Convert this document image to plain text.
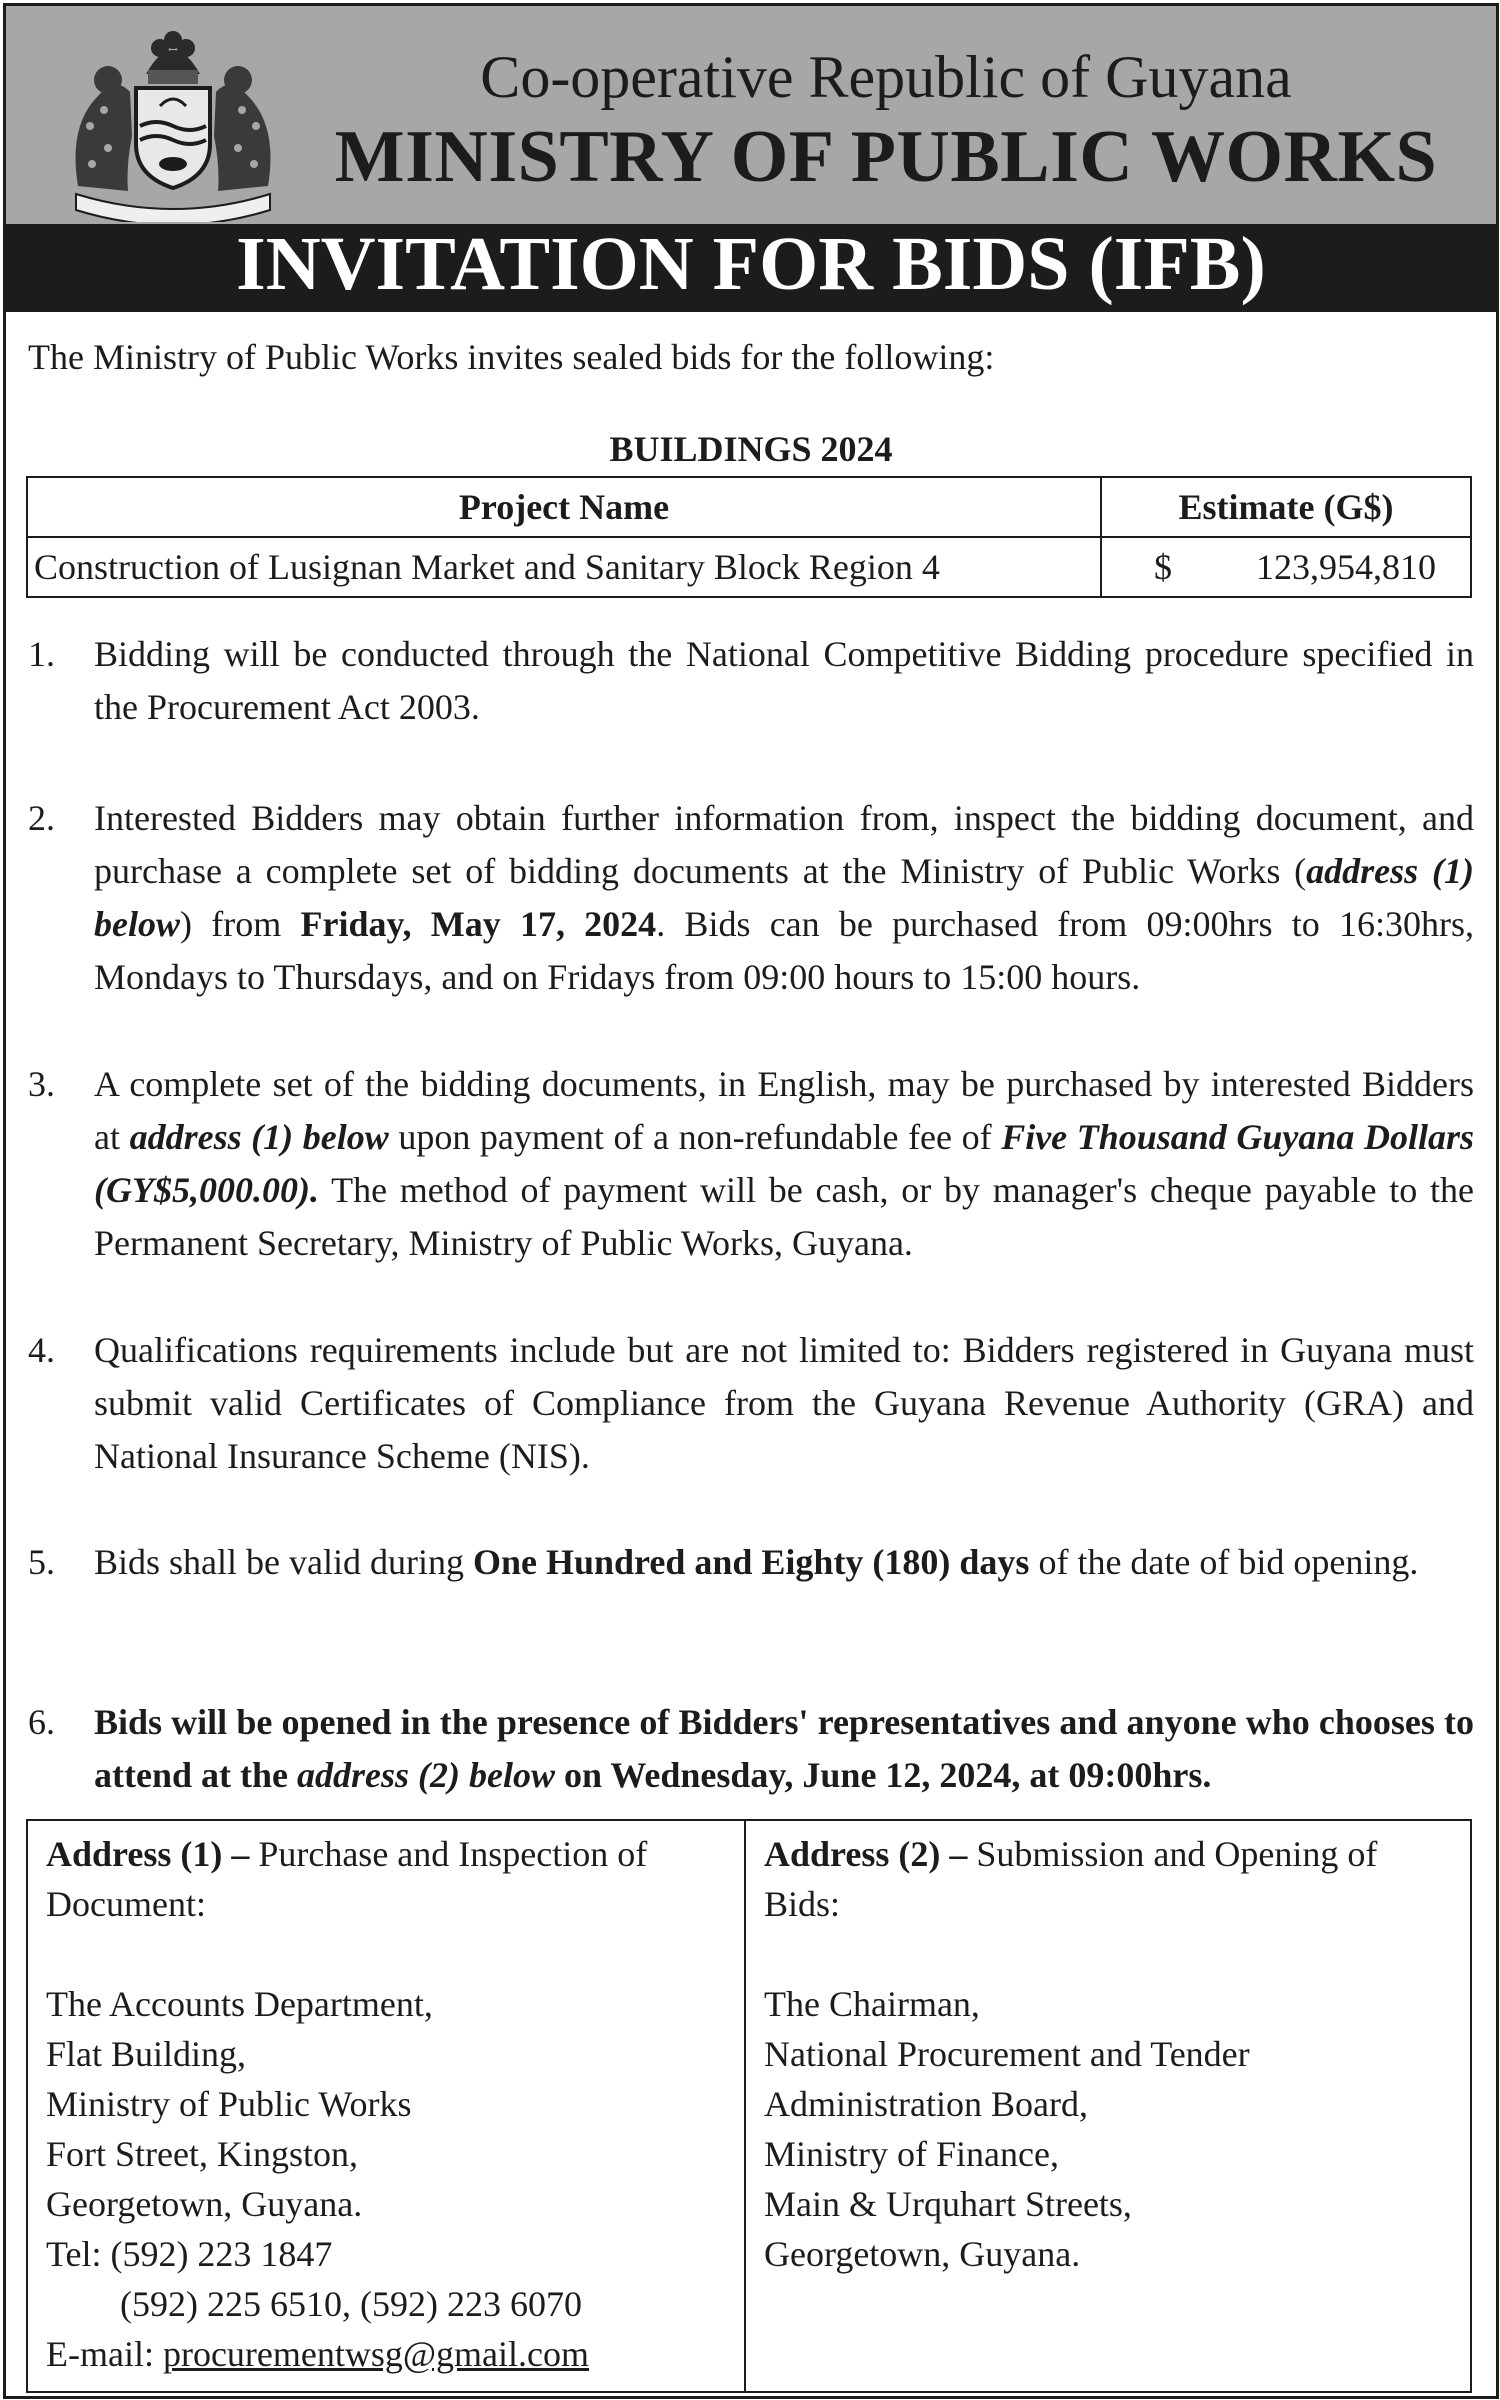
Co-operative Republic of Guyana
MINISTRY OF PUBLIC WORKS
INVITATION FOR BIDS (IFB)
The Ministry of Public Works invites sealed bids for the following:
BUILDINGS 2024
Project Name	Estimate (G$)
Construction of Lusignan Market and Sanitary Block Region 4	$ 123,954,810
1. Bidding will be conducted through the National Competitive Bidding procedure specified in the Procurement Act 2003.
2. Interested Bidders may obtain further information from, inspect the bidding document, and purchase a complete set of bidding documents at the Ministry of Public Works (address (1) below) from Friday, May 17, 2024. Bids can be purchased from 09:00hrs to 16:30hrs, Mondays to Thursdays, and on Fridays from 09:00 hours to 15:00 hours.
3. A complete set of the bidding documents, in English, may be purchased by interested Bidders at address (1) below upon payment of a non-refundable fee of Five Thousand Guyana Dollars (GY$5,000.00). The method of payment will be cash, or by manager's cheque payable to the Permanent Secretary, Ministry of Public Works, Guyana.
4. Qualifications requirements include but are not limited to: Bidders registered in Guyana must submit valid Certificates of Compliance from the Guyana Revenue Authority (GRA) and National Insurance Scheme (NIS).
5. Bids shall be valid during One Hundred and Eighty (180) days of the date of bid opening.
6. Bids will be opened in the presence of Bidders' representatives and anyone who chooses to attend at the address (2) below on Wednesday, June 12, 2024, at 09:00hrs.
Address (1) – Purchase and Inspection of Document:
The Accounts Department,
Flat Building,
Ministry of Public Works
Fort Street, Kingston,
Georgetown, Guyana.
Tel: (592) 223 1847
(592) 225 6510, (592) 223 6070
E-mail: procurementwsg@gmail.com

Address (2) – Submission and Opening of Bids:
The Chairman,
National Procurement and Tender
Administration Board,
Ministry of Finance,
Main & Urquhart Streets,
Georgetown, Guyana.
